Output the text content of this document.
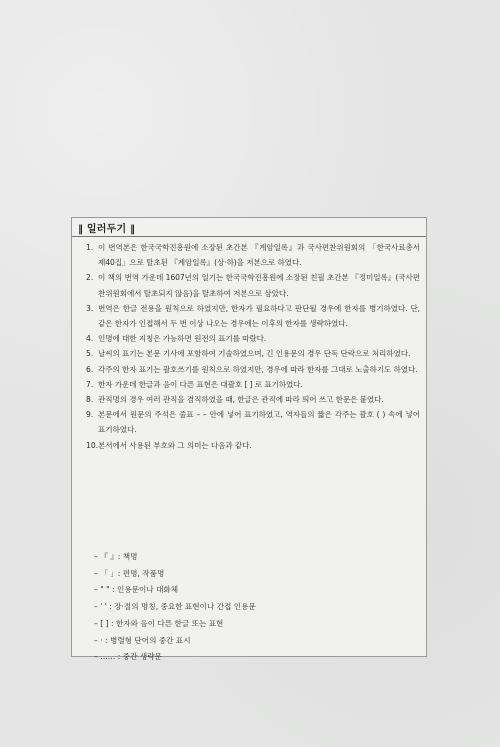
‖ 일러두기 ‖
1. 이 번역본은 한국국학진흥원에 소장된 초간본 『계암일록』과 국사편찬위원회의 「한국사료총서 제40집」으로 탈초된 『계암일록』(상·하)을 저본으로 하였다.
2. 이 책의 번역 가운데 1607년의 일기는 한국국학진흥원에 소장된 친필 초간본 『정미일록』(국사편찬위원회에서 탈초되지 않음)을 탈초하여 저본으로 삼았다.
3. 번역은 한글 전용을 원칙으로 하였지만, 한자가 필요하다고 판단될 경우에 한자를 병기하였다. 단, 같은 한자가 인접해서 두 번 이상 나오는 경우에는 이후의 한자를 생략하였다.
4. 인명에 대한 지칭은 가능하면 원전의 표기를 따랐다.
5. 날씨의 표기는 본문 기사에 포함하여 기술하였으며, 긴 인용문의 경우 단독 단락으로 처리하였다.
6. 각주의 한자 표기는 괄호쓰기를 원칙으로 하였지만, 경우에 따라 한자를 그대로 노출하기도 하였다.
7. 한자 가운데 한글과 음이 다른 표현은 대괄호 [ ] 로 표기하였다.
8. 관직명의 경우 여러 관직을 겸직하였을 때, 한글은 관직에 따라 띄어 쓰고 한문은 붙였다.
9. 본문에서 원문의 주석은 줄표 – – 안에 넣어 표기하였고, 역자들의 짧은 각주는 괄호 ( ) 속에 넣어 표기하였다.
10. 본서에서 사용된 부호와 그 의미는 다음과 같다.
– 『 』: 책명
– 「 」: 편명, 작품명
– " " : 인용문이나 대화체
– ' ' : 장·절의 명칭, 중요한 표현이나 간접 인용문
– [ ] : 한자와 음이 다른 한글 또는 표현
– · : 병렬형 단어의 중간 표시
– …… : 중간 생략문
